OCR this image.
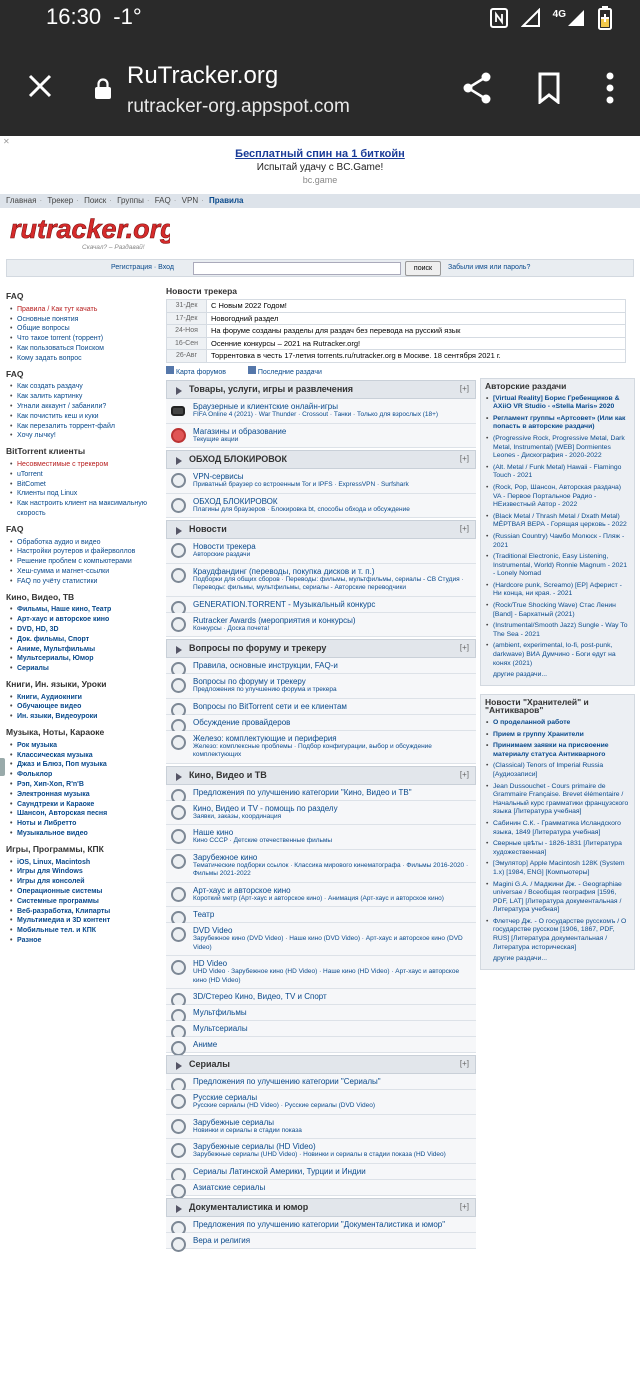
16:30 -1°	4G
RuTracker.org
rutracker-org.appspot.com
✕
Бесплатный спин на 1 биткойн
Испытай удачу с BC.Game!
bc.game
Главная · Трекер · Поиск · Группы · FAQ · VPN · Правила
rutracker.org
Скачал? – Раздавай!
Регистрация · Вход	поиск	Забыли имя или пароль?
FAQ
• Правила / Как тут качать
• Основные понятия
• Общие вопросы
• Что такое torrent (торрент)
• Как пользоваться Поиском
• Кому задать вопрос
FAQ
• Как создать раздачу
• Как залить картинку
• Угнали аккаунт / забанили?
• Как почистить кеш и куки
• Как перезалить торрент-файл
• Хочу лычку!
BitTorrent клиенты
• Несовместимые с трекером
• uTorrent
• BitComet
• Клиенты под Linux
• Как настроить клиент на максимальную скорость
FAQ
• Обработка аудио и видео
• Настройки роутеров и файерволлов
• Решение проблем с компьютерами
• Хеш-сумма и магнет-ссылки
• FAQ по учёту статистики
Кино, Видео, ТВ
• Фильмы, Наше кино, Театр
• Арт-хаус и авторское кино
• DVD, HD, 3D
• Док. фильмы, Спорт
• Аниме, Мультфильмы
• Мультсериалы, Юмор
• Сериалы
Книги, Ин. языки, Уроки
• Книги, Аудиокниги
• Обучающее видео
• Ин. языки, Видеоуроки
Музыка, Ноты, Караоке
• Рок музыка
• Классическая музыка
• Джаз и Блюз, Поп музыка
• Фольклор
• Рэп, Хип-Хоп, R'n'B
• Электронная музыка
• Саундтреки и Караоке
• Шансон, Авторская песня
• Ноты и Либретто
• Музыкальное видео
Игры, Программы, КПК
• iOS, Linux, Macintosh
• Игры для Windows
• Игры для консолей
• Операционные системы
• Системные программы
• Веб-разработка, Клипарты
• Мультимедиа и 3D контент
• Мобильные тел. и КПК
• Разное
Новости трекера
31-Дек	С Новым 2022 Годом!
17-Дек	Новогодний раздел
24-Ноя	На форуме созданы разделы для раздач без перевода на русский язык
16-Сен	Осенние конкурсы – 2021 на Rutracker.org!
26-Авг	Торрентовка в честь 17-летия torrents.ru/rutracker.org в Москве. 18 сентября 2021 г.
Карта форумов	Последние раздачи
Товары, услуги, игры и развлечения	[+]
Браузерные и клиентские онлайн-игры
FIFA Online 4 (2021) · War Thunder · Crossout · Танки · Только для взрослых (18+)
Магазины и образование
Текущие акции
ОБХОД БЛОКИРОВОК	[+]
VPN-сервисы
Приватный браузер со встроенным Tor и IPFS · ExpressVPN · Surfshark
ОБХОД БЛОКИРОВОК
Плагины для браузеров · Блокировка bt, способы обхода и обсуждение
Новости	[+]
Новости трекера
Авторские раздачи
Краудфандинг (переводы, покупка дисков и т. п.)
Подборки для общих сборов · Переводы: фильмы, мультфильмы, сериалы - СВ Студия · Переводы: фильмы, мультфильмы, сериалы - Авторские переводчики
GENERATION.TORRENT - Музыкальный конкурс
Rutracker Awards (мероприятия и конкурсы)
Конкурсы · Доска почета!
Вопросы по форуму и трекеру	[+]
Правила, основные инструкции, FAQ-и
Вопросы по форуму и трекеру
Предложения по улучшению форума и трекера
Вопросы по BitTorrent сети и ее клиентам
Обсуждение провайдеров
Железо: комплектующие и периферия
Железо: комплексные проблемы · Подбор конфигурации, выбор и обсуждение комплектующих
Кино, Видео и ТВ	[+]
Предложения по улучшению категории "Кино, Видео и ТВ"
Кино, Видео и TV - помощь по разделу
Заявки, заказы, координация
Наше кино
Кино СССР · Детские отечественные фильмы
Зарубежное кино
Тематические подборки ссылок · Классика мирового кинематографа · Фильмы 2016-2020 · Фильмы 2021-2022
Арт-хаус и авторское кино
Короткий метр (Арт-хаус и авторское кино) · Анимация (Арт-хаус и авторское кино)
Театр
DVD Video
Зарубежное кино (DVD Video) · Наше кино (DVD Video) · Арт-хаус и авторское кино (DVD Video)
HD Video
UHD Video · Зарубежное кино (HD Video) · Наше кино (HD Video) · Арт-хаус и авторское кино (HD Video)
3D/Стерео Кино, Видео, TV и Спорт
Мультфильмы
Мультсериалы
Аниме
Сериалы	[+]
Предложения по улучшению категории "Сериалы"
Русские сериалы
Русские сериалы (HD Video) · Русские сериалы (DVD Video)
Зарубежные сериалы
Новинки и сериалы в стадии показа
Зарубежные сериалы (HD Video)
Зарубежные сериалы (UHD Video) · Новинки и сериалы в стадии показа (HD Video)
Сериалы Латинской Америки, Турции и Индии
Азиатские сериалы
Документалистика и юмор	[+]
Предложения по улучшению категории "Документалистика и юмор"
Вера и религия
Авторские раздачи
• [Virtual Reality] Борис Гребенщиков & AXiiO VR Studio - «Stella Maris» 2020
• Регламент группы «Артсовет» (Или как попасть в авторские раздачи)
• (Progressive Rock, Progressive Metal, Dark Metal, Instrumental) [WEB] Dormientes Leones - Дискография - 2020-2022
• (Alt. Metal / Funk Metal) Hawaii - Flamingo Touch - 2021
• (Rock, Pop, Шансон, Авторская раздача) VA - Первое Портальное Радио - НЕизвестный Автор - 2022
• (Black Metal / Thrash Metal / Dxath Metal) МЁРТВАЯ ВЕРА - Горящая церковь - 2022
• (Russian Country) Чамбо Молюск - Пляж - 2021
• (Traditional Electronic, Easy Listening, Instrumental, World) Ronnie Magnum - 2021 - Lonely Nomad
• (Hardcore punk, Screamo) [EP] Аферист - Ни конца, ни края. - 2021
• (Rock/True Shocking Wave) Стас Ленин [Band] - Бархатный (2021)
• (Instrumental/Smooth Jazz) Sungle - Way To The Sea - 2021
• (ambient, experimental, lo-fi, post-punk, darkwave) ВИА Думчино - Боги едут на конях (2021)
другие раздачи...
Новости "Хранителей" и "Антикваров"
• О проделанной работе
• Прием в группу Хранители
• Принимаем заявки на присвоение материалу статуса Антикварного
• (Classical) Tenors of Imperial Russia [Аудиозаписи]
• Jean Dussouchet - Cours primaire de Grammaire Française. Brevet élémentaire / Начальный курс грамматики французского языка [Литература учебная]
• Сабинин С.К. - Грамматика Исландского языка, 1849 [Литература учебная]
• Сверные цвѣты - 1826-1831 [Литература художественная]
• [Эмулятор] Apple Macintosh 128K (System 1.x) [1984, ENG] [Компьютеры]
• Magini G.A. / Маджини Дж. - Geographiae universae / Всеобщая география [1596, PDF, LAT] [Литература документальная / Литература учебная]
• Флетчер Дж. - О государстве русскомъ / О государстве русском [1906, 1867, PDF, RUS] [Литература документальная / Литература историческая]
другие раздачи...
